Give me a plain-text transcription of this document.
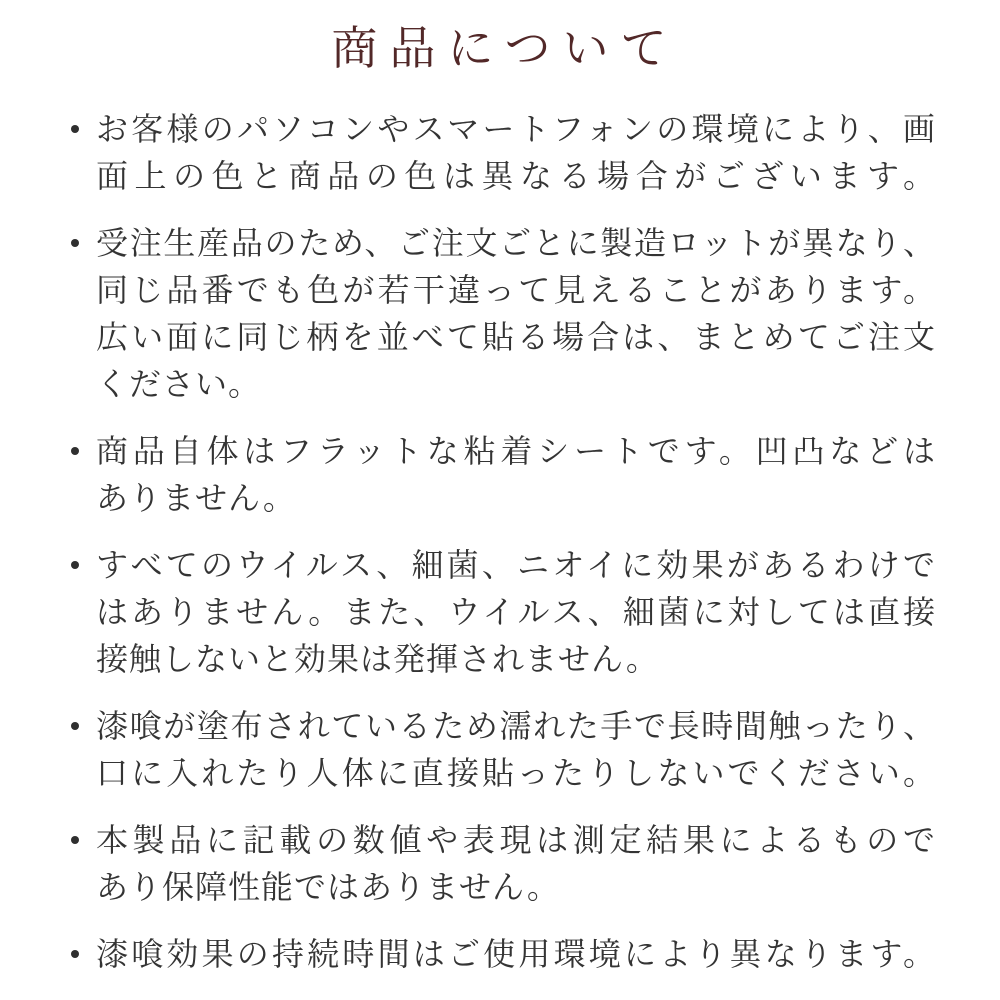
商品について
お客様のパソコンやスマートフォンの環境により、画
面上の色と商品の色は異なる場合がございます。
受注生産品のため、ご注文ごとに製造ロットが異なり、
同じ品番でも色が若干違って見えることがあります。
広い面に同じ柄を並べて貼る場合は、まとめてご注文
ください。
商品自体はフラットな粘着シートです。凹凸などは
ありません。
すべてのウイルス、細菌、ニオイに効果があるわけで
はありません。また、ウイルス、細菌に対しては直接
接触しないと効果は発揮されません。
漆喰が塗布されているため濡れた手で長時間触ったり、
口に入れたり人体に直接貼ったりしないでください。
本製品に記載の数値や表現は測定結果によるもので
あり保障性能ではありません。
漆喰効果の持続時間はご使用環境により異なります。
